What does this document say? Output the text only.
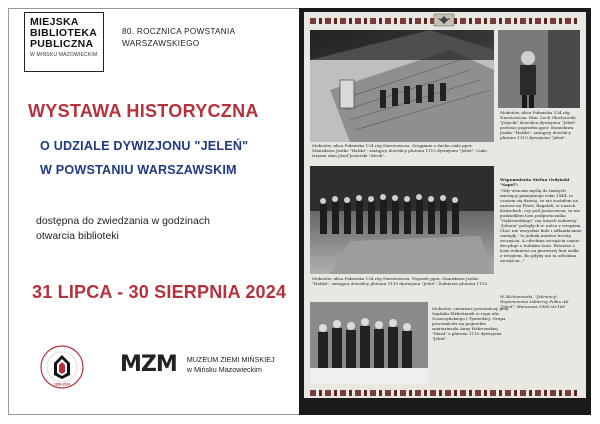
MIEJSKA
BIBLIOTEKA
PUBLICZNA
W MIŃSKU MAZOWIECKIM
80. ROCZNICA POWSTANIA
WARSZAWSKIEGO
WYSTAWA HISTORYCZNA
O UDZIALE DYWIZJONU "JELEŃ"
W POWSTANIU WARSZAWSKIM
dostępna do zwiedzania w godzinach
otwarcia biblioteki
31 LIPCA - 30 SIERPNIA 2024
1939-2024
MZM MUZEUM ZIEMI MIŃSKIEJ
w Mińsku Mazowieckim
Mokotów, ulica Puławska 134 róg Narutowicza. Ściąganie z dachu ciała ppor. Stanisława Jeziko "Halski", zastępcy dowódcy plutonu 1110 dywizjonu "Jeleń". Ciało trzyma ułan Józef Jezierski "Alcok".
Mokotów, ulica Puławska 134 róg Narutowicza. Rtm. Lech Głuchowski "Jeżycki" dowódca dywizjonu "Jeleń" podczas pogrzebu ppor. Stanisława Jeziko "Halski", zastępcy dowódcy plutonu 1110 dywizjonu "Jeleń".
Mokotów, ulica Puławska 134 róg Narutowicza. Pogrzeb ppor. Stanisława Jeziko "Halski", zastępcy dowódcy plutonu 1110 dywizjonu "Jeleń". Żołnierze plutonu 1110.
Wspomnienia Stefan Ordyński "Sapel":
"Gdy wracam myślą do tamtych miesięcy pamiętnego roku 1944, to czasem się dziwię, że nie zostałem na zawsze na Florii, Bagateli, w Łazach Kabackich, czy pod Jaziorowem, tu nie podzieliłem losu podporucznika "Dąbrowskiego" czy innych żołnierzy "Jelenia" poległych w walce z wrogiem. Choć nie wszystkie kule i odłamki mnie ominęły - to jednak miałem trochę szczęścia. A odrobina szczęścia często decyduje o ludzkim losie. Również o losie żołnierza na pierwszej linii walki z wrogiem. Bo gdyby nie ta odrobina szczęścia..."
W. Kichanowski, "Jelenincy" Wspomnienia żołnierzy Pułku AK "Jeleń", Warszawa 1989,str.186
Mokotów, cmentarz powstańczy przy Szpitalu Elżbietanek w rogu ulic Goszczyńskiego i Tynieckiej. Grupa powstańców na pogrzebie sanitariuszki Anny Habrowskiej "Marii" z plutonu 1110 dywizjonu "Jeleń".
